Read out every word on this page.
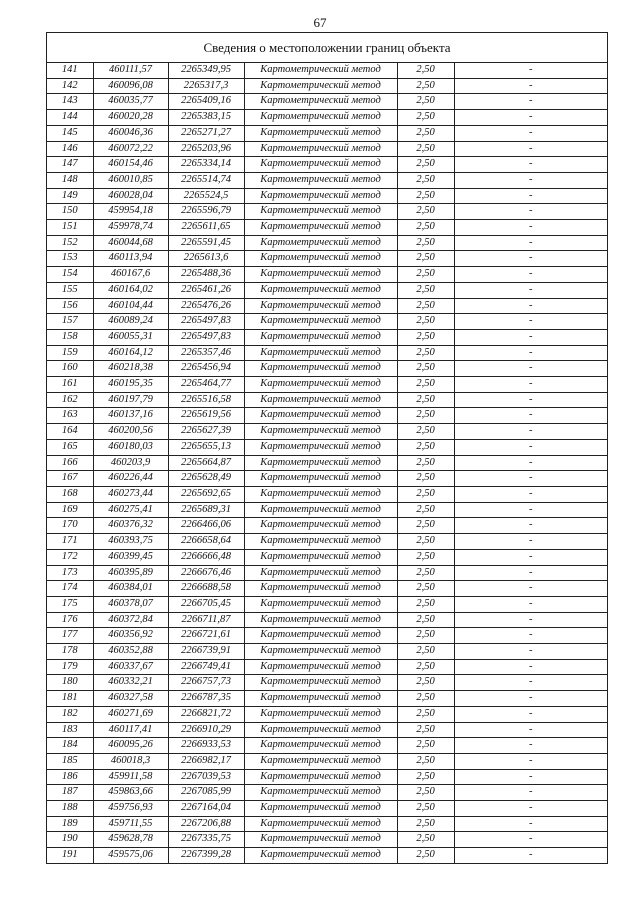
67
Сведения о местоположении границ объекта
141	460111,57	2265349,95	Картометрический метод	2,50	-
142	460096,08	2265317,3	Картометрический метод	2,50	-
143	460035,77	2265409,16	Картометрический метод	2,50	-
144	460020,28	2265383,15	Картометрический метод	2,50	-
145	460046,36	2265271,27	Картометрический метод	2,50	-
146	460072,22	2265203,96	Картометрический метод	2,50	-
147	460154,46	2265334,14	Картометрический метод	2,50	-
148	460010,85	2265514,74	Картометрический метод	2,50	-
149	460028,04	2265524,5	Картометрический метод	2,50	-
150	459954,18	2265596,79	Картометрический метод	2,50	-
151	459978,74	2265611,65	Картометрический метод	2,50	-
152	460044,68	2265591,45	Картометрический метод	2,50	-
153	460113,94	2265613,6	Картометрический метод	2,50	-
154	460167,6	2265488,36	Картометрический метод	2,50	-
155	460164,02	2265461,26	Картометрический метод	2,50	-
156	460104,44	2265476,26	Картометрический метод	2,50	-
157	460089,24	2265497,83	Картометрический метод	2,50	-
158	460055,31	2265497,83	Картометрический метод	2,50	-
159	460164,12	2265357,46	Картометрический метод	2,50	-
160	460218,38	2265456,94	Картометрический метод	2,50	-
161	460195,35	2265464,77	Картометрический метод	2,50	-
162	460197,79	2265516,58	Картометрический метод	2,50	-
163	460137,16	2265619,56	Картометрический метод	2,50	-
164	460200,56	2265627,39	Картометрический метод	2,50	-
165	460180,03	2265655,13	Картометрический метод	2,50	-
166	460203,9	2265664,87	Картометрический метод	2,50	-
167	460226,44	2265628,49	Картометрический метод	2,50	-
168	460273,44	2265692,65	Картометрический метод	2,50	-
169	460275,41	2265689,31	Картометрический метод	2,50	-
170	460376,32	2266466,06	Картометрический метод	2,50	-
171	460393,75	2266658,64	Картометрический метод	2,50	-
172	460399,45	2266666,48	Картометрический метод	2,50	-
173	460395,89	2266676,46	Картометрический метод	2,50	-
174	460384,01	2266688,58	Картометрический метод	2,50	-
175	460378,07	2266705,45	Картометрический метод	2,50	-
176	460372,84	2266711,87	Картометрический метод	2,50	-
177	460356,92	2266721,61	Картометрический метод	2,50	-
178	460352,88	2266739,91	Картометрический метод	2,50	-
179	460337,67	2266749,41	Картометрический метод	2,50	-
180	460332,21	2266757,73	Картометрический метод	2,50	-
181	460327,58	2266787,35	Картометрический метод	2,50	-
182	460271,69	2266821,72	Картометрический метод	2,50	-
183	460117,41	2266910,29	Картометрический метод	2,50	-
184	460095,26	2266933,53	Картометрический метод	2,50	-
185	460018,3	2266982,17	Картометрический метод	2,50	-
186	459911,58	2267039,53	Картометрический метод	2,50	-
187	459863,66	2267085,99	Картометрический метод	2,50	-
188	459756,93	2267164,04	Картометрический метод	2,50	-
189	459711,55	2267206,88	Картометрический метод	2,50	-
190	459628,78	2267335,75	Картометрический метод	2,50	-
191	459575,06	2267399,28	Картометрический метод	2,50	-
